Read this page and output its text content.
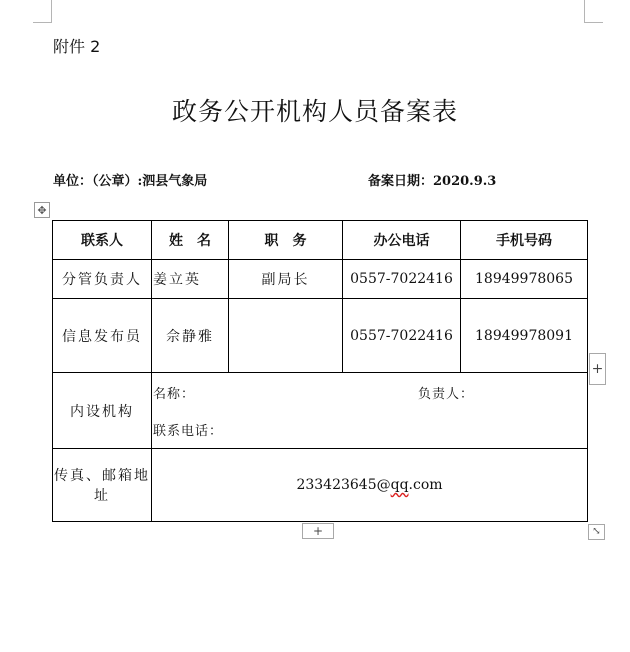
附件 2
政务公开机构人员备案表
单位：（公章）:泗县气象局	备案日期：2020.9.3
✥
联系人	姓　名	职　务	办公电话	手机号码
分管负责人	姜立英	副局长	0557-7022416	18949978065
信息发布员	佘静雅		0557-7022416	18949978091
内设机构	名称： 负责人：
联系电话：			

传真、邮箱地址	233423645@qq.com			
+
+	⤡
